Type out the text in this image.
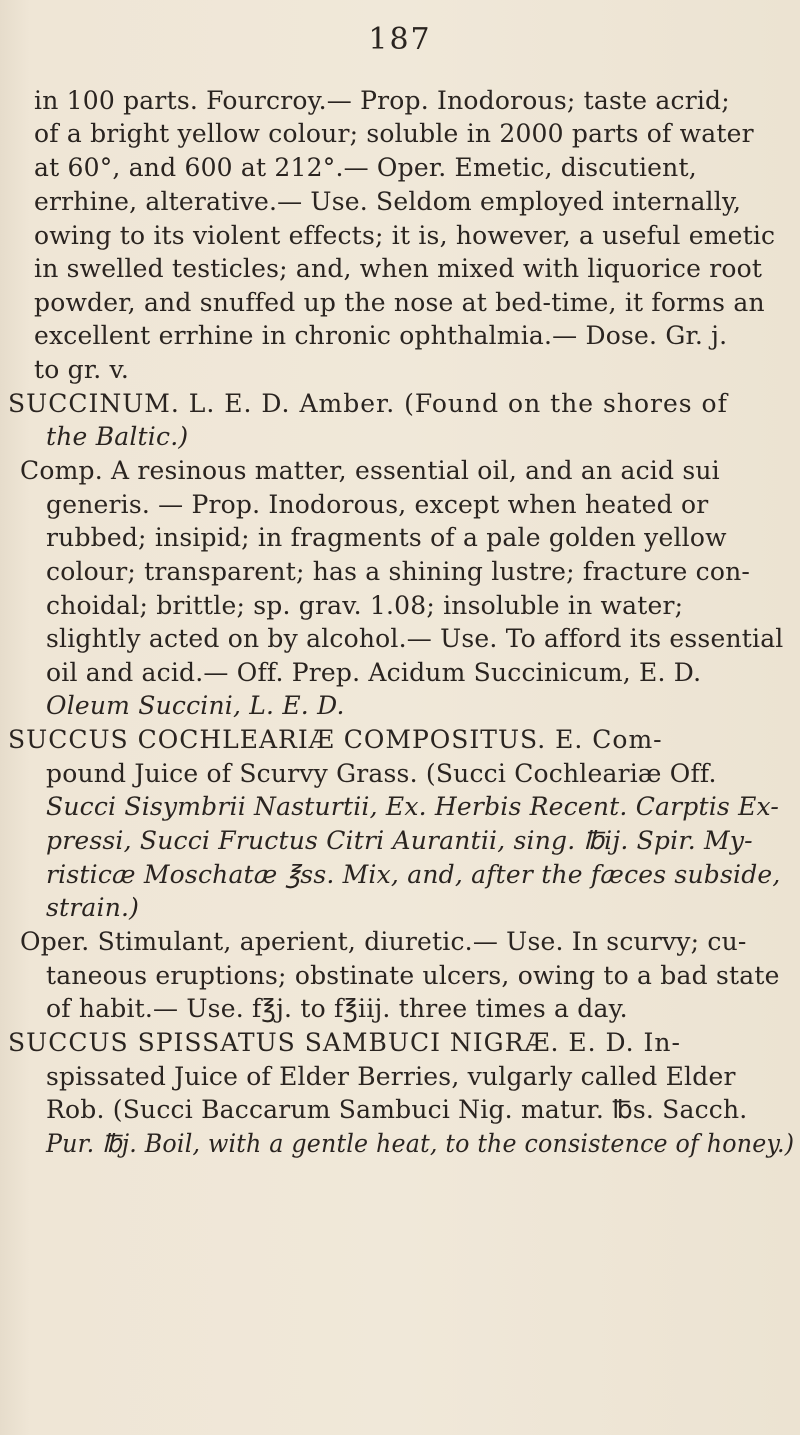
187
in 100 parts. Fourcroy.— Prop. Inodorous; taste acrid;
of a bright yellow colour; soluble in 2000 parts of water
at 60°, and 600 at 212°.— Oper. Emetic, discutient,
errhine, alterative.— Use. Seldom employed internally,
owing to its violent effects; it is, however, a useful emetic
in swelled testicles; and, when mixed with liquorice root
powder, and snuffed up the nose at bed-time, it forms an
excellent errhine in chronic ophthalmia.— Dose. Gr. j.
to gr. v.
SUCCINUM. L. E. D. Amber. (Found on the shores of
the Baltic.)
Comp. A resinous matter, essential oil, and an acid sui
generis. — Prop. Inodorous, except when heated or
rubbed; insipid; in fragments of a pale golden yellow
colour; transparent; has a shining lustre; fracture con-
choidal; brittle; sp. grav. 1.08; insoluble in water;
slightly acted on by alcohol.— Use. To afford its essential
oil and acid.— Off. Prep. Acidum Succinicum, E. D.
Oleum Succini, L. E. D.
SUCCUS COCHLEARIÆ COMPOSITUS. E. Com-
pound Juice of Scurvy Grass. (Succi Cochleariæ Off.
Succi Sisymbrii Nasturtii, Ex. Herbis Recent. Carptis Ex-
pressi, Succi Fructus Citri Aurantii, sing. ℔ij. Spir. My-
risticæ Moschatæ ℥ss. Mix, and, after the fæces subside,
strain.)
Oper. Stimulant, aperient, diuretic.— Use. In scurvy; cu-
taneous eruptions; obstinate ulcers, owing to a bad state
of habit.— Use. f℥j. to f℥iij. three times a day.
SUCCUS SPISSATUS SAMBUCI NIGRÆ. E. D. In-
spissated Juice of Elder Berries, vulgarly called Elder
Rob. (Succi Baccarum Sambuci Nig. matur. ℔s. Sacch.
Pur. ℔j. Boil, with a gentle heat, to the consistence of honey.)
